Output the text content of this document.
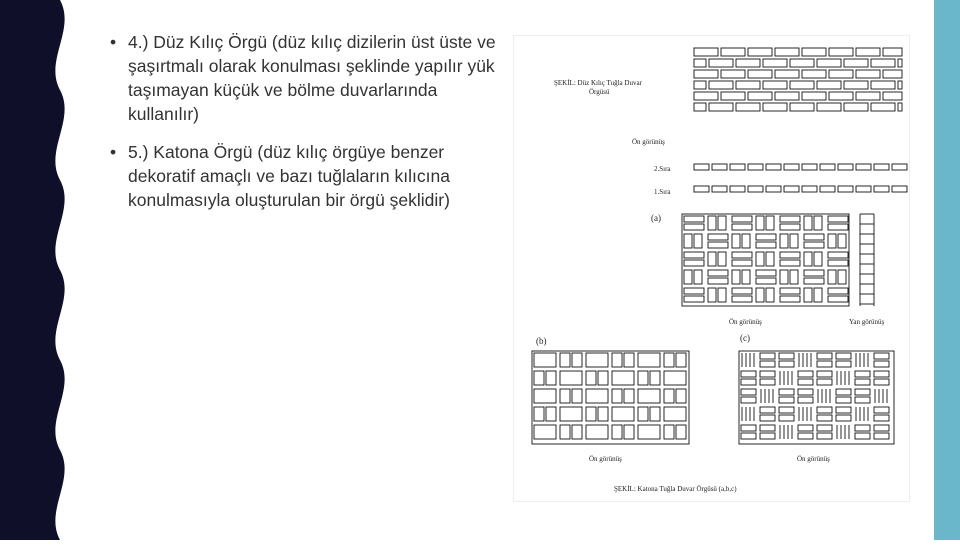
• 4.) Düz Kılıç Örgü (düz kılıç dizilerin üst üste ve şaşırtmalı olarak konulması şeklinde yapılır yük taşımayan küçük ve bölme duvarlarında kullanılır)
• 5.) Katona Örgü (düz kılıç örgüye benzer dekoratif amaçlı ve bazı tuğlaların kılıcına konulmasıyla oluşturulan bir örgü şeklidir)
ŞEKİL: Düz Kılıç Tuğla Duvar
Örgüsü
Ön görünüş
2.Sıra
1.Sıra
(a)
Ön görünüş	Yan görünüş
(b)	(c)
Ön görünüş	Ön görünüş
ŞEKİL: Katona Tuğla Duvar Örgüsü (a,b,c)
